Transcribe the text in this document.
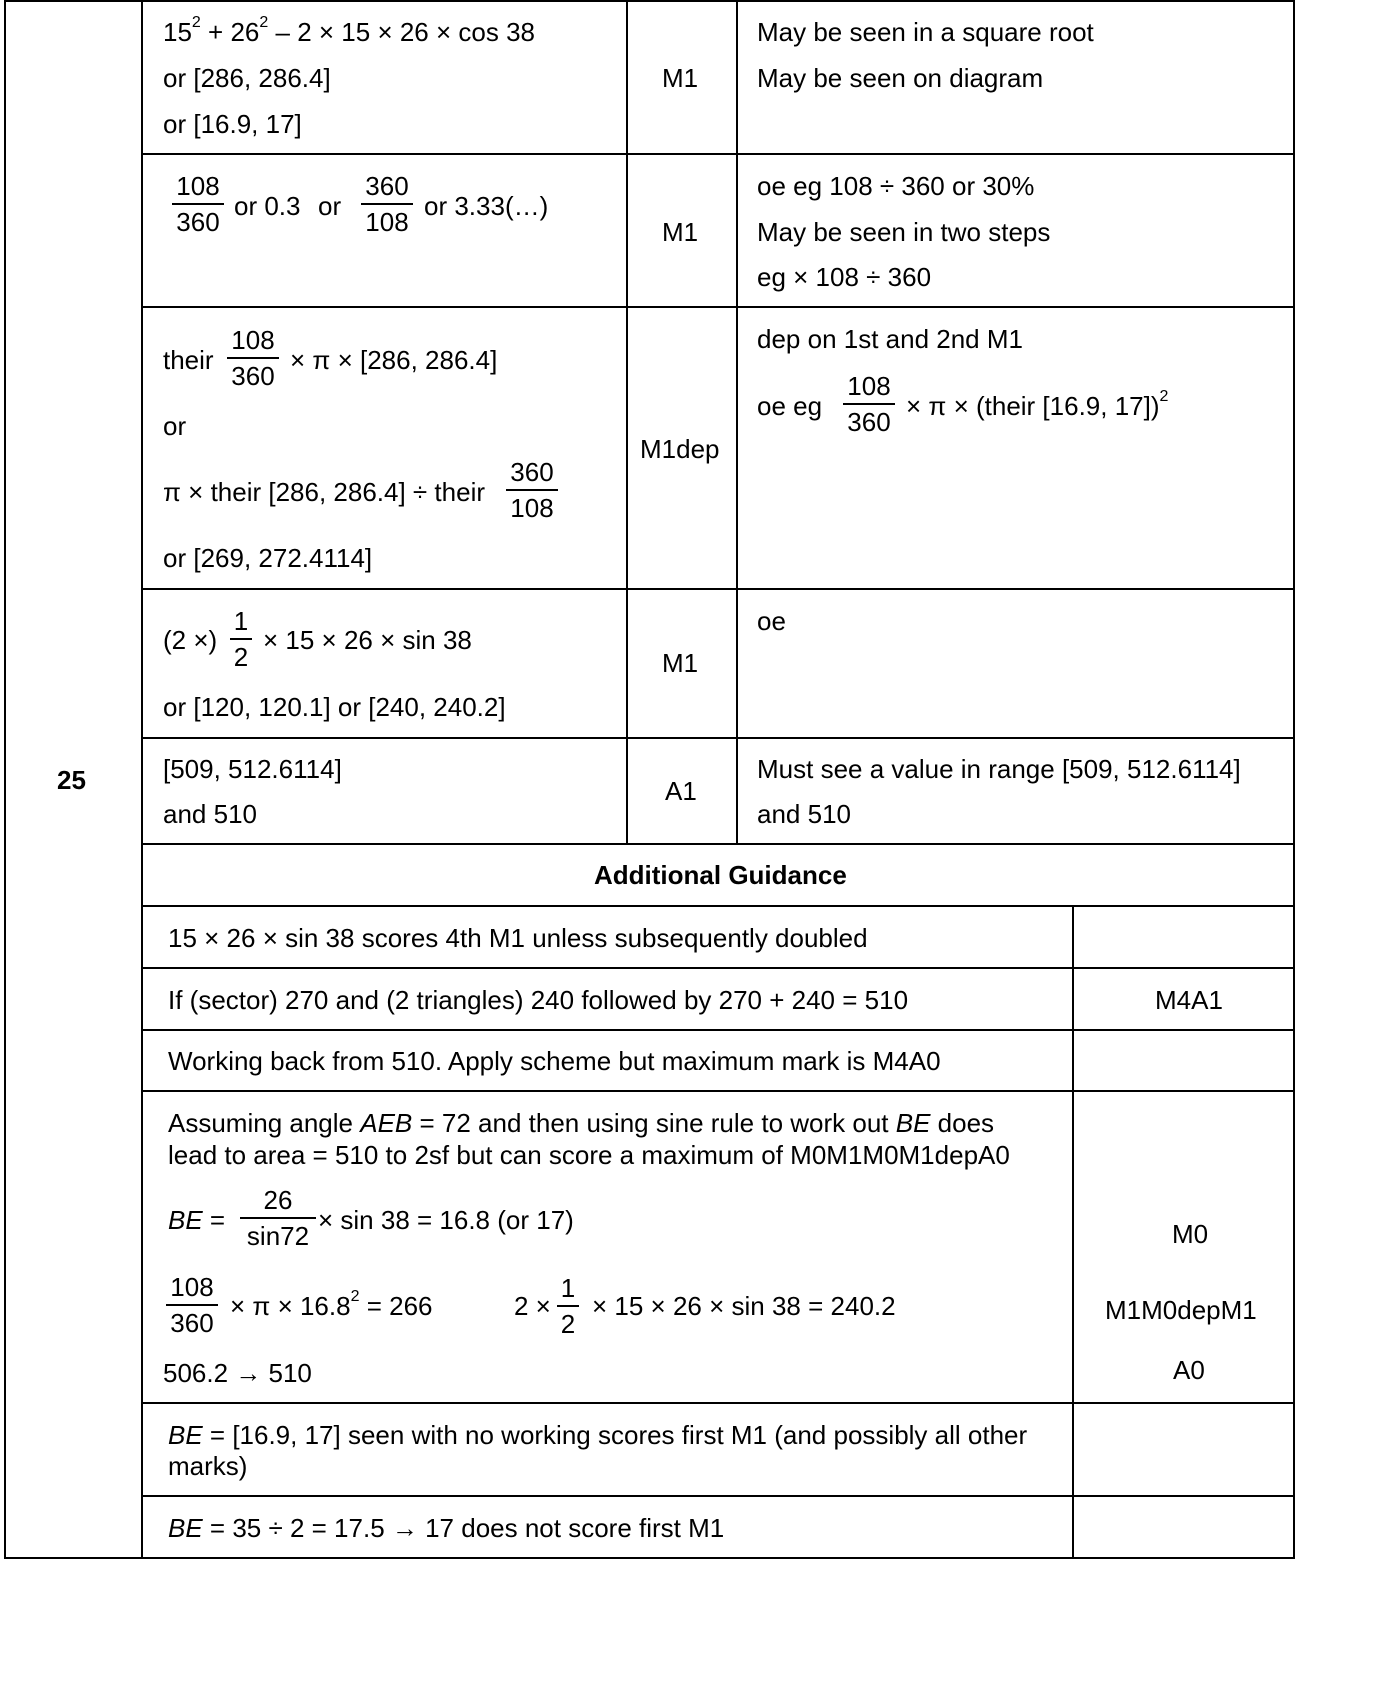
25
$15^2 + 26^2 - 2 \times 15 \times 26 \times \cos 38$
or [286, 286.4]
or [16.9, 17]
M1
May be seen in a square root
May be seen on diagram
108
360
or 0.3 or
360
108
or 3.33(…)
M1
oe eg 108 ÷ 360 or 30%
May be seen in two steps
eg × 108 ÷ 360
their
108
360
× π × [286, 286.4]
or
π × their [286, 286.4] ÷ their
360
108
or [269, 272.4114]
M1dep
dep on 1st and 2nd M1
oe eg
108
360
× π × (their [16.9, 17])$^2$
(2 ×)
1
2
× 15 × 26 × sin 38
or [120, 120.1] or [240, 240.2]
M1
oe
[509, 512.6114]
and 510
A1
Must see a value in range [509, 512.6114]
and 510
Additional Guidance
15 × 26 × sin 38 scores 4th M1 unless subsequently doubled
If (sector) 270 and (2 triangles) 240 followed by 270 + 240 = 510	M4A1
Working back from 510. Apply scheme but maximum mark is M4A0
Assuming angle AEB = 72 and then using sine rule to work out BE does
lead to area = 510 to 2sf but can score a maximum of M0M1M0M1depA0
BE =
26
sin72
× sin 38 = 16.8 (or 17)
108
360
× $\pi \times 16.8^2 = 266$	2 ×
1
2
× 15 × 26 × sin 38 = 240.2
506.2 → 510
M0
M1M0depM1
A0
BE = [16.9, 17] seen with no working scores first M1 (and possibly all other
marks)
BE = 35 ÷ 2 = 17.5 → 17 does not score first M1
